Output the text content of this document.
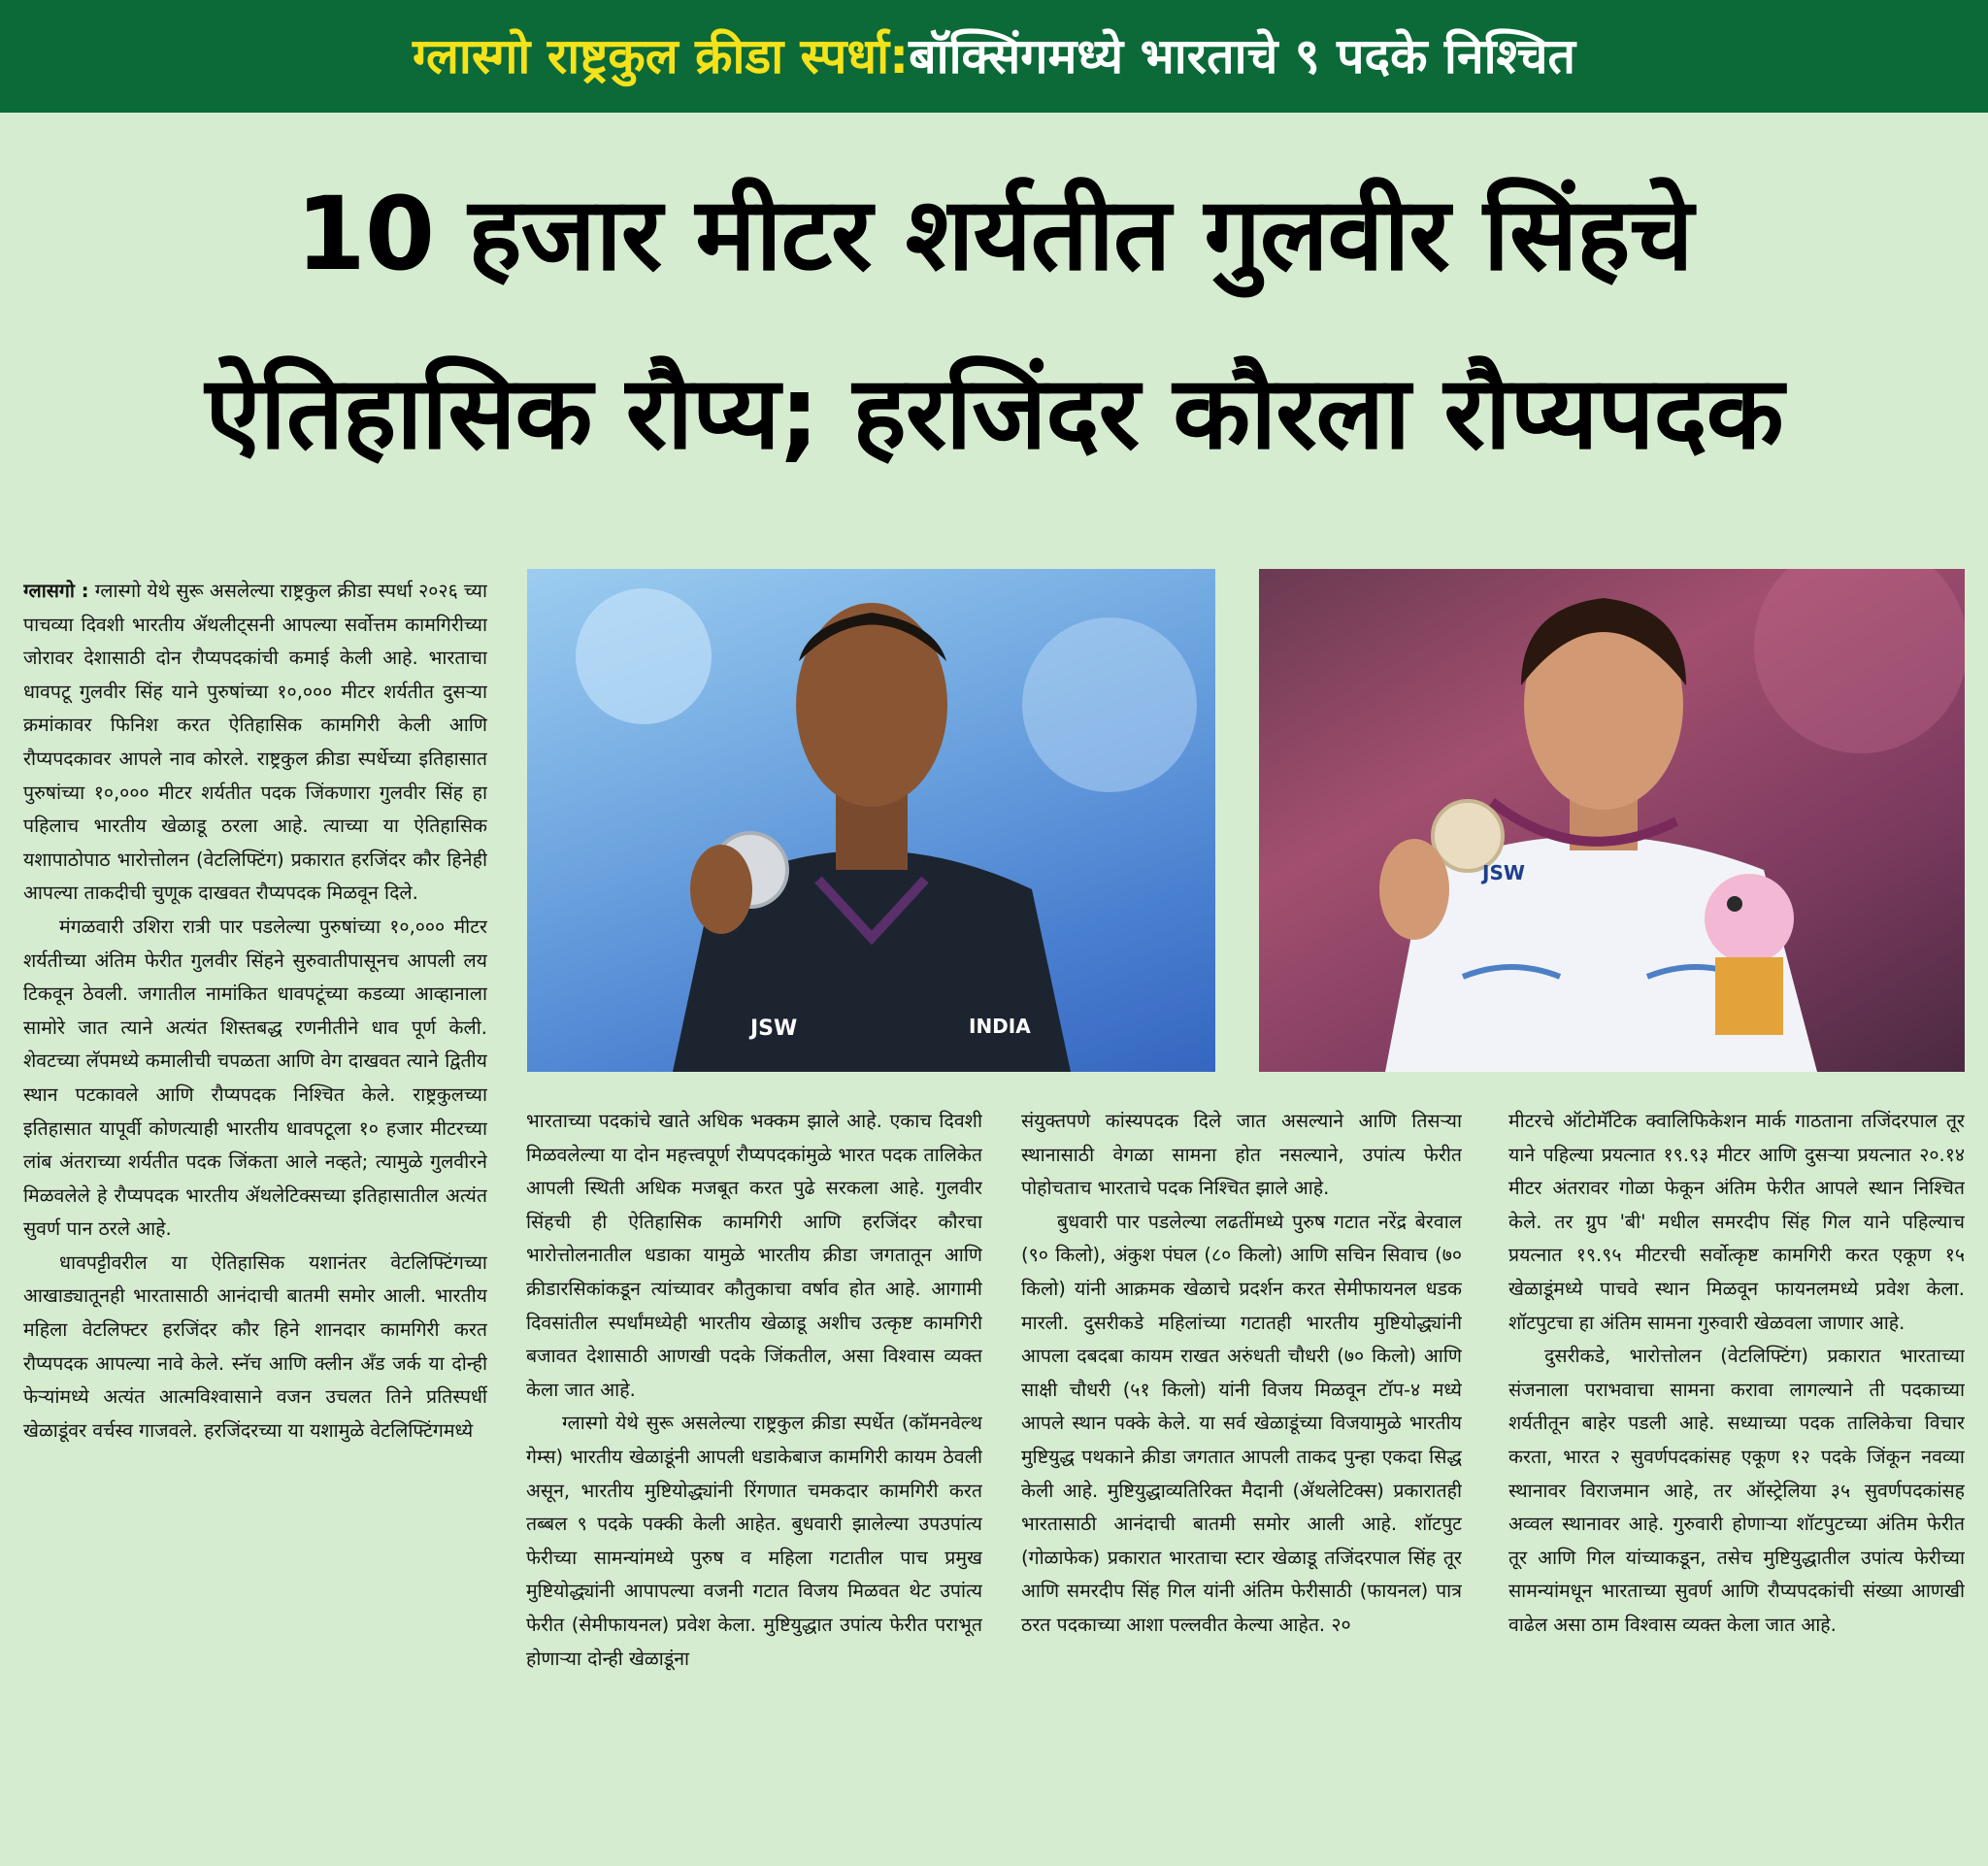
ग्लास्गो राष्ट्रकुल क्रीडा स्पर्धा: बॉक्सिंगमध्ये भारताचे ९ पदके निश्चित
10 हजार मीटर शर्यतीत गुलवीर सिंहचे
ऐतिहासिक रौप्य; हरजिंदर कौरला रौप्यपदक

ग्लासगो : ग्लास्गो येथे सुरू असलेल्या राष्ट्रकुल क्रीडा स्पर्धा २०२६ च्या पाचव्या दिवशी भारतीय ॲथलीट्सनी आपल्या सर्वोत्तम कामगिरीच्या जोरावर देशासाठी दोन रौप्यपदकांची कमाई केली आहे. भारताचा धावपटू गुलवीर सिंह याने पुरुषांच्या १०,००० मीटर शर्यतीत दुसऱ्या क्रमांकावर फिनिश करत ऐतिहासिक कामगिरी केली आणि रौप्यपदकावर आपले नाव कोरले. राष्ट्रकुल क्रीडा स्पर्धेच्या इतिहासात पुरुषांच्या १०,००० मीटर शर्यतीत पदक जिंकणारा गुलवीर सिंह हा पहिलाच भारतीय खेळाडू ठरला आहे. त्याच्या या ऐतिहासिक यशापाठोपाठ भारोत्तोलन (वेटलिफ्टिंग) प्रकारात हरजिंदर कौर हिनेही आपल्या ताकदीची चुणूक दाखवत रौप्यपदक मिळवून दिले.

मंगळवारी उशिरा रात्री पार पडलेल्या पुरुषांच्या १०,००० मीटर शर्यतीच्या अंतिम फेरीत गुलवीर सिंहने सुरुवातीपासूनच आपली लय टिकवून ठेवली. जगातील नामांकित धावपटूंच्या कडव्या आव्हानाला सामोरे जात त्याने अत्यंत शिस्तबद्ध रणनीतीने धाव पूर्ण केली. शेवटच्या लॅपमध्ये कमालीची चपळता आणि वेग दाखवत त्याने द्वितीय स्थान पटकावले आणि रौप्यपदक निश्चित केले. राष्ट्रकुलच्या इतिहासात यापूर्वी कोणत्याही भारतीय धावपटूला १० हजार मीटरच्या लांब अंतराच्या शर्यतीत पदक जिंकता आले नव्हते; त्यामुळे गुलवीरने मिळवलेले हे रौप्यपदक भारतीय ॲथलेटिक्सच्या इतिहासातील अत्यंत सुवर्ण पान ठरले आहे.

धावपट्टीवरील या ऐतिहासिक यशानंतर वेटलिफ्टिंगच्या आखाड्यातूनही भारतासाठी आनंदाची बातमी समोर आली. भारतीय महिला वेटलिफ्टर हरजिंदर कौर हिने शानदार कामगिरी करत रौप्यपदक आपल्या नावे केले. स्नॅच आणि क्लीन अँड जर्क या दोन्ही फेऱ्यांमध्ये अत्यंत आत्मविश्वासाने वजन उचलत तिने प्रतिस्पर्धी खेळाडूंवर वर्चस्व गाजवले. हरजिंदरच्या या यशामुळे वेटलिफ्टिंगमध्ये

JSW	INDIA
JSW

भारताच्या पदकांचे खाते अधिक भक्कम झाले आहे. एकाच दिवशी मिळवलेल्या या दोन महत्त्वपूर्ण रौप्यपदकांमुळे भारत पदक तालिकेत आपली स्थिती अधिक मजबूत करत पुढे सरकला आहे. गुलवीर सिंहची ही ऐतिहासिक कामगिरी आणि हरजिंदर कौरचा भारोत्तोलनातील धडाका यामुळे भारतीय क्रीडा जगतातून आणि क्रीडारसिकांकडून त्यांच्यावर कौतुकाचा वर्षाव होत आहे. आगामी दिवसांतील स्पर्धांमध्येही भारतीय खेळाडू अशीच उत्कृष्ट कामगिरी बजावत देशासाठी आणखी पदके जिंकतील, असा विश्वास व्यक्त केला जात आहे.

ग्लास्गो येथे सुरू असलेल्या राष्ट्रकुल क्रीडा स्पर्धेत (कॉमनवेल्थ गेम्स) भारतीय खेळाडूंनी आपली धडाकेबाज कामगिरी कायम ठेवली असून, भारतीय मुष्टियोद्ध्यांनी रिंगणात चमकदार कामगिरी करत तब्बल ९ पदके पक्की केली आहेत. बुधवारी झालेल्या उपउपांत्य फेरीच्या सामन्यांमध्ये पुरुष व महिला गटातील पाच प्रमुख मुष्टियोद्ध्यांनी आपापल्या वजनी गटात विजय मिळवत थेट उपांत्य फेरीत (सेमीफायनल) प्रवेश केला. मुष्टियुद्धात उपांत्य फेरीत पराभूत होणाऱ्या दोन्ही खेळाडूंना

संयुक्तपणे कांस्यपदक दिले जात असल्याने आणि तिसऱ्या स्थानासाठी वेगळा सामना होत नसल्याने, उपांत्य फेरीत पोहोचताच भारताचे पदक निश्चित झाले आहे.

बुधवारी पार पडलेल्या लढतींमध्ये पुरुष गटात नरेंद्र बेरवाल (९० किलो), अंकुश पंघल (८० किलो) आणि सचिन सिवाच (७० किलो) यांनी आक्रमक खेळाचे प्रदर्शन करत सेमीफायनल धडक मारली. दुसरीकडे महिलांच्या गटातही भारतीय मुष्टियोद्ध्यांनी आपला दबदबा कायम राखत अरुंधती चौधरी (७० किलो) आणि साक्षी चौधरी (५१ किलो) यांनी विजय मिळवून टॉप-४ मध्ये आपले स्थान पक्के केले. या सर्व खेळाडूंच्या विजयामुळे भारतीय मुष्टियुद्ध पथकाने क्रीडा जगतात आपली ताकद पुन्हा एकदा सिद्ध केली आहे. मुष्टियुद्धाव्यतिरिक्त मैदानी (ॲथलेटिक्स) प्रकारातही भारतासाठी आनंदाची बातमी समोर आली आहे. शॉटपुट (गोळाफेक) प्रकारात भारताचा स्टार खेळाडू तजिंदरपाल सिंह तूर आणि समरदीप सिंह गिल यांनी अंतिम फेरीसाठी (फायनल) पात्र ठरत पदकाच्या आशा पल्लवीत केल्या आहेत. २०

मीटरचे ऑटोमॅटिक क्वालिफिकेशन मार्क गाठताना तजिंदरपाल तूर याने पहिल्या प्रयत्नात १९.९३ मीटर आणि दुसऱ्या प्रयत्नात २०.१४ मीटर अंतरावर गोळा फेकून अंतिम फेरीत आपले स्थान निश्चित केले. तर ग्रुप 'बी' मधील समरदीप सिंह गिल याने पहिल्याच प्रयत्नात १९.९५ मीटरची सर्वोत्कृष्ट कामगिरी करत एकूण १५ खेळाडूंमध्ये पाचवे स्थान मिळवून फायनलमध्ये प्रवेश केला. शॉटपुटचा हा अंतिम सामना गुरुवारी खेळवला जाणार आहे.

दुसरीकडे, भारोत्तोलन (वेटलिफ्टिंग) प्रकारात भारताच्या संजनाला पराभवाचा सामना करावा लागल्याने ती पदकाच्या शर्यतीतून बाहेर पडली आहे. सध्याच्या पदक तालिकेचा विचार करता, भारत २ सुवर्णपदकांसह एकूण १२ पदके जिंकून नवव्या स्थानावर विराजमान आहे, तर ऑस्ट्रेलिया ३५ सुवर्णपदकांसह अव्वल स्थानावर आहे. गुरुवारी होणाऱ्या शॉटपुटच्या अंतिम फेरीत तूर आणि गिल यांच्याकडून, तसेच मुष्टियुद्धातील उपांत्य फेरीच्या सामन्यांमधून भारताच्या सुवर्ण आणि रौप्यपदकांची संख्या आणखी वाढेल असा ठाम विश्वास व्यक्त केला जात आहे.
